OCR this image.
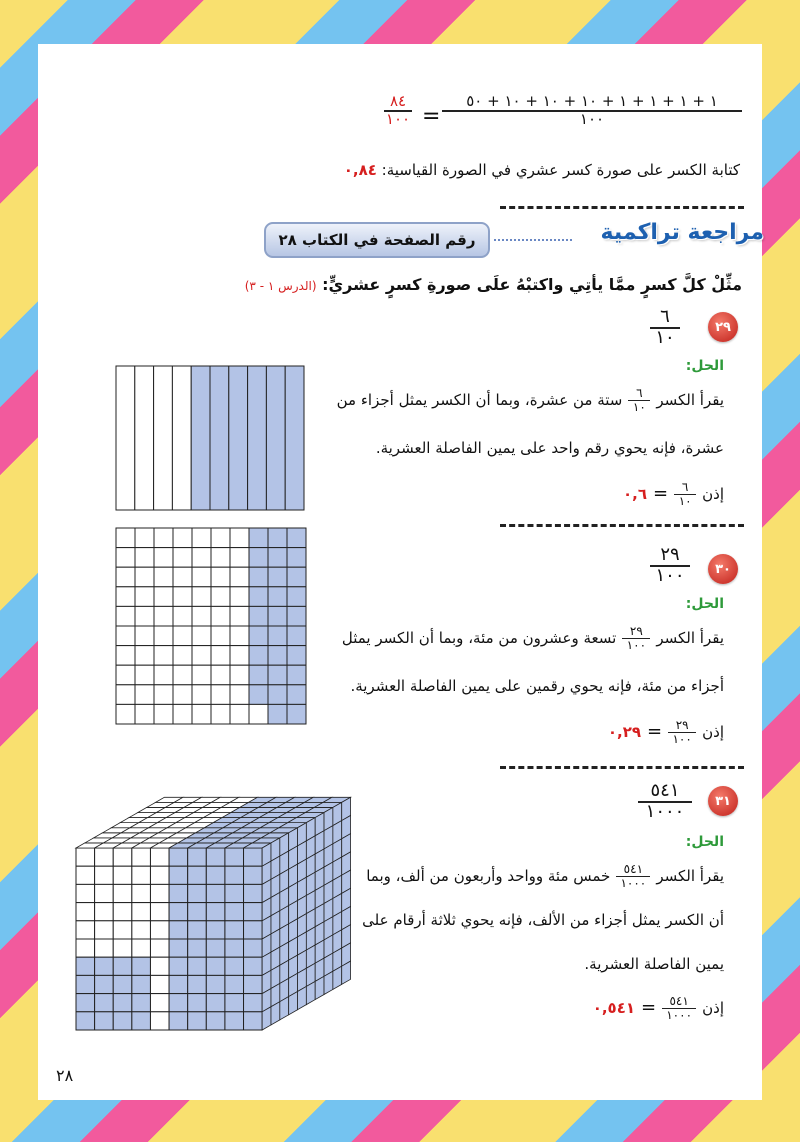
٨٤
١٠٠ =
١ + ١ + ١ + ١ + ١٠ + ١٠ + ١٠ + ٥٠
١٠٠
كتابة الكسر على صورة كسر عشري في الصورة القياسية: ٠,٨٤
رقم الصفحة في الكتاب ٢٨	مراجعة تراكمية
مثِّلْ كلَّ كسرٍ ممَّا يأتِي واكتبْهُ علَى صورةِ كسرٍ عشريٍّ: (الدرس ١ - ٣)
٢٩
٦
١٠
الحل:
يقرأ الكسر
$\frac{٦}{١٠}$
ستة من عشرة، وبما أن الكسر يمثل أجزاء من
عشرة، فإنه يحوي رقم واحد على يمين الفاصلة العشرية.
إذن
$\frac{٦}{١٠}$
=
٠,٦
٣٠
٢٩
١٠٠
الحل:
يقرأ الكسر
$\frac{٢٩}{١٠٠}$
تسعة وعشرون من مئة، وبما أن الكسر يمثل
أجزاء من مئة، فإنه يحوي رقمين على يمين الفاصلة العشرية.
إذن
$\frac{٢٩}{١٠٠}$
=
٠,٢٩
٣١
٥٤١
١٠٠٠
الحل:
يقرأ الكسر
$\frac{٥٤١}{١٠٠٠}$
خمس مئة وواحد وأربعون من ألف، وبما
أن الكسر يمثل أجزاء من الألف، فإنه يحوي ثلاثة أرقام على
يمين الفاصلة العشرية.
إذن
$\frac{٥٤١}{١٠٠٠}$
=
٠,٥٤١
٢٨
